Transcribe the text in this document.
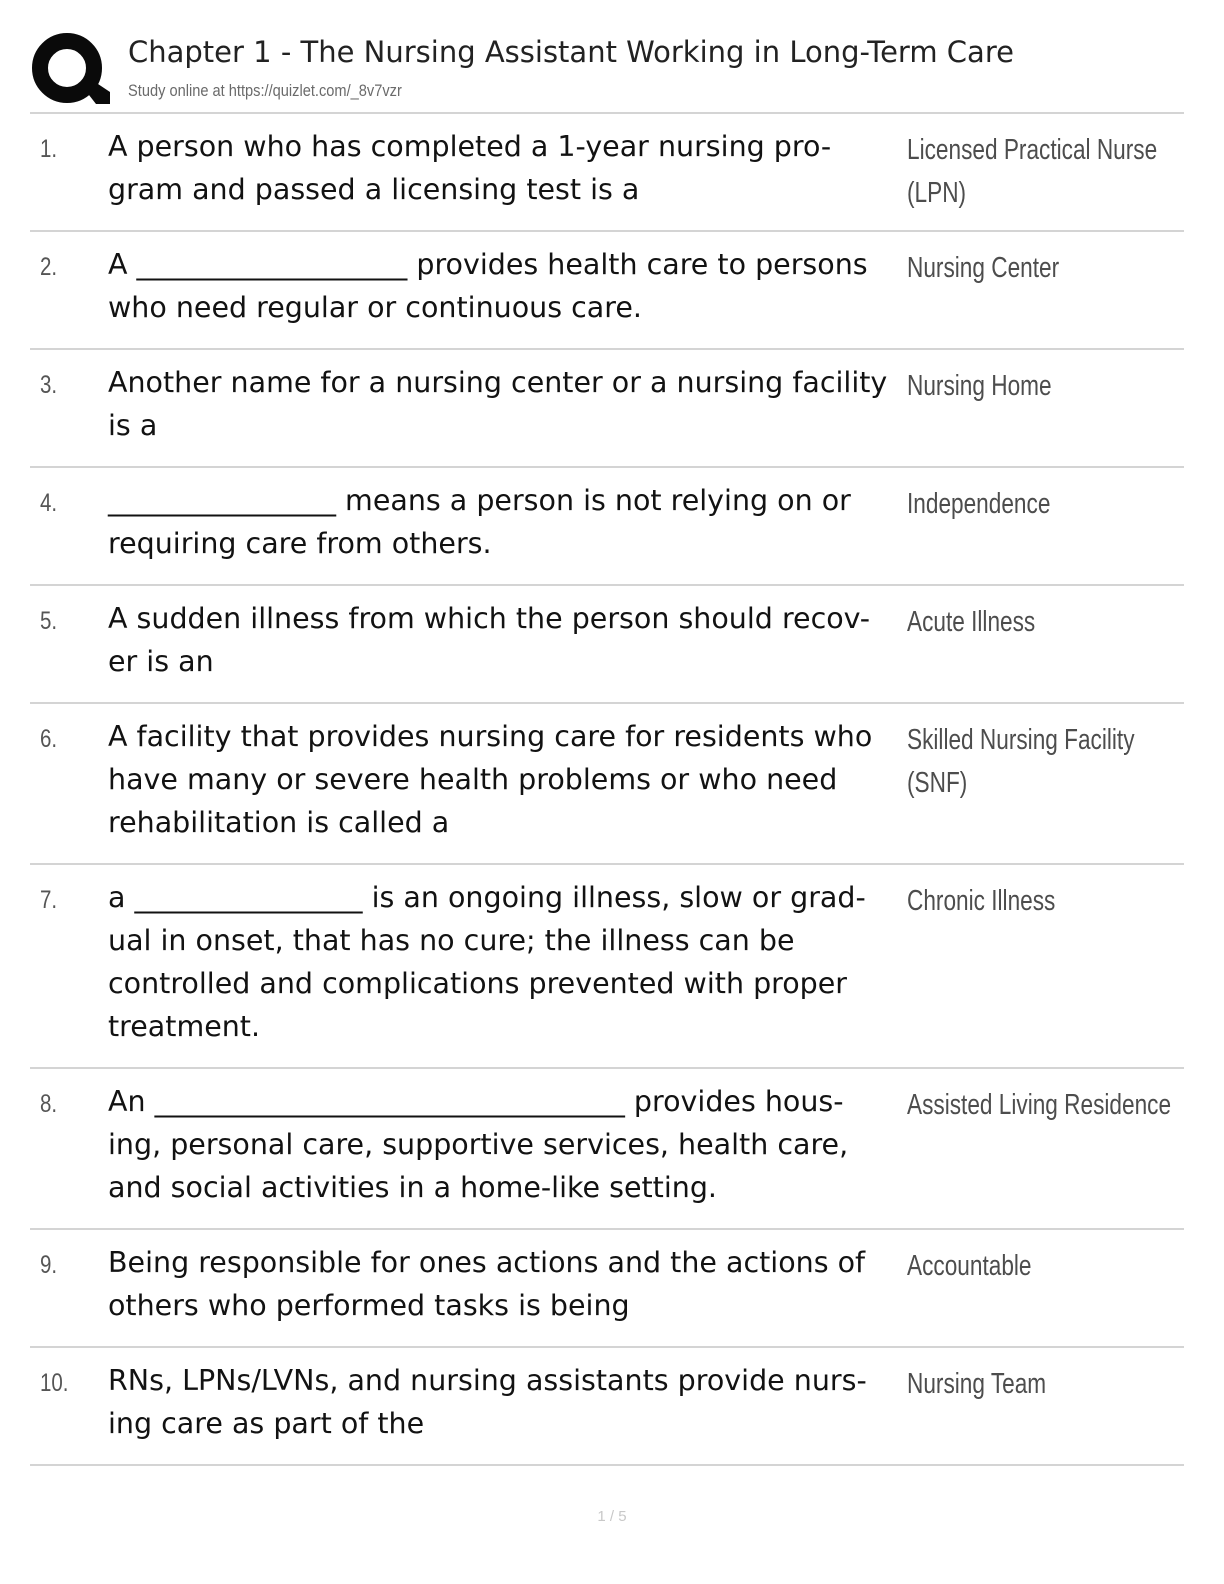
Chapter 1 - The Nursing Assistant Working in Long-Term Care
Study online at https://quizlet.com/_8v7vzr
1. A person who has completed a 1-year nursing pro-
gram and passed a licensing test is a
Licensed Practical Nurse
(LPN)
2. A ___________________ provides health care to persons
who need regular or continuous care.
Nursing Center
3. Another name for a nursing center or a nursing facility
is a
Nursing Home
4. ________________ means a person is not relying on or
requiring care from others.
Independence
5. A sudden illness from which the person should recov-
er is an
Acute Illness
6. A facility that provides nursing care for residents who
have many or severe health problems or who need
rehabilitation is called a
Skilled Nursing Facility
(SNF)
7. a ________________ is an ongoing illness, slow or grad-
ual in onset, that has no cure; the illness can be
controlled and complications prevented with proper
treatment.
Chronic Illness
8. An _________________________________ provides hous-
ing, personal care, supportive services, health care,
and social activities in a home-like setting.
Assisted Living Residence
9. Being responsible for ones actions and the actions of
others who performed tasks is being
Accountable
10. RNs, LPNs/LVNs, and nursing assistants provide nurs-
ing care as part of the
Nursing Team
1 / 5
